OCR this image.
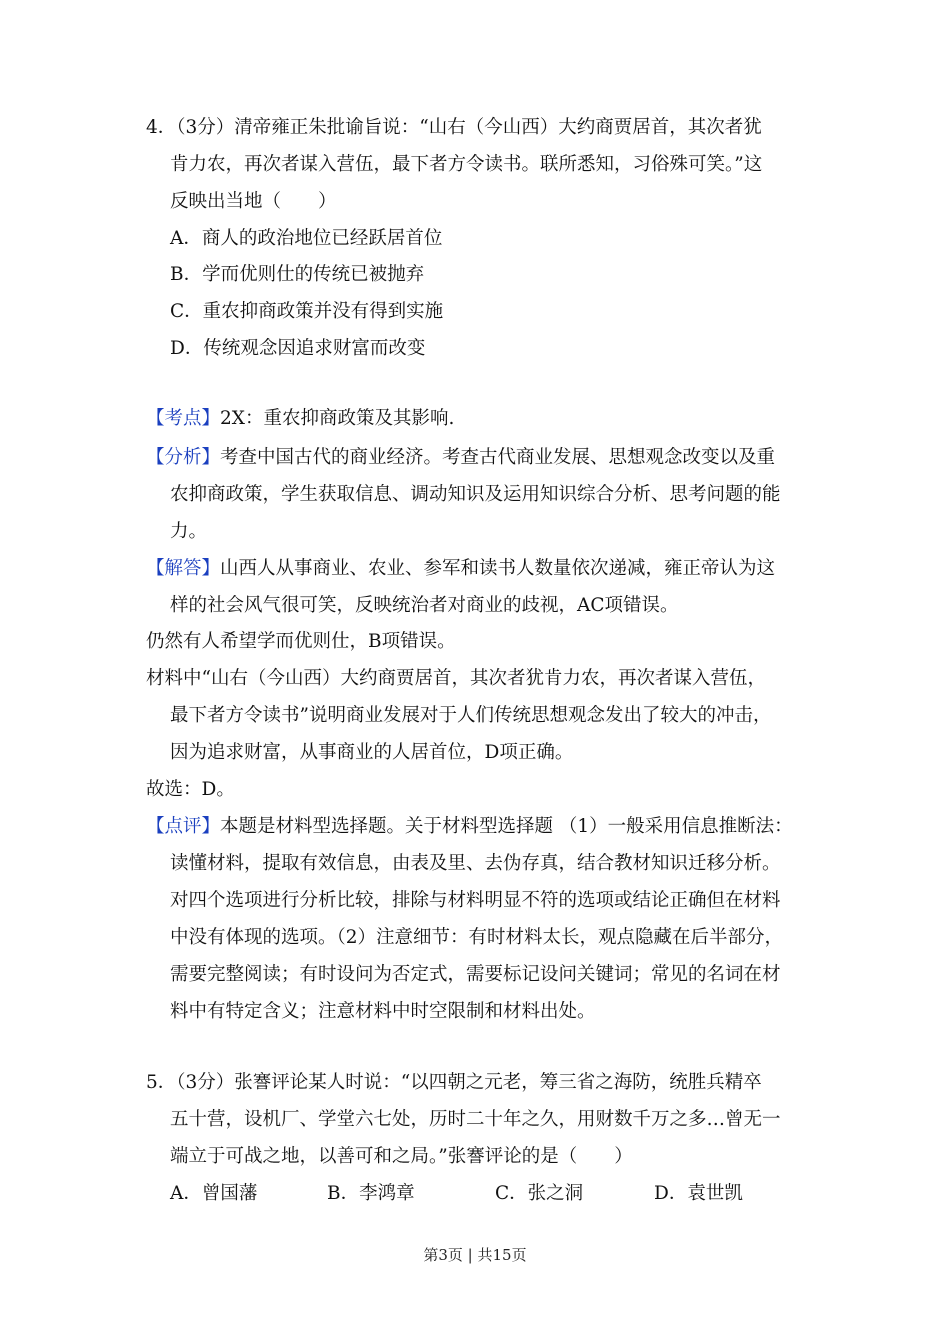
4．（3分）清帝雍正朱批谕旨说：“山右（今山西）大约商贾居首，其次者犹
肯力农，再次者谋入营伍，最下者方令读书。联所悉知，习俗殊可笑。”这
反映出当地（　　）
A．商人的政治地位已经跃居首位
B．学而优则仕的传统已被抛弃
C．重农抑商政策并没有得到实施
D．传统观念因追求财富而改变
【考点】2X：重农抑商政策及其影响.
【分析】考查中国古代的商业经济。考查古代商业发展、思想观念改变以及重
农抑商政策，学生获取信息、调动知识及运用知识综合分析、思考问题的能
力。
【解答】山西人从事商业、农业、参军和读书人数量依次递减，雍正帝认为这
样的社会风气很可笑，反映统治者对商业的歧视，AC项错误。
仍然有人希望学而优则仕，B项错误。
材料中“山右（今山西）大约商贾居首，其次者犹肯力农，再次者谋入营伍，
最下者方令读书”说明商业发展对于人们传统思想观念发出了较大的冲击，
因为追求财富，从事商业的人居首位，D项正确。
故选：D。
【点评】本题是材料型选择题。关于材料型选择题 （1）一般采用信息推断法：
读懂材料，提取有效信息，由表及里、去伪存真，结合教材知识迁移分析。
对四个选项进行分析比较，排除与材料明显不符的选项或结论正确但在材料
中没有体现的选项。（2）注意细节：有时材料太长，观点隐藏在后半部分，
需要完整阅读；有时设问为否定式，需要标记设问关键词；常见的名词在材
料中有特定含义；注意材料中时空限制和材料出处。
5．（3分）张謇评论某人时说：“以四朝之元老，筹三省之海防，统胜兵精卒
五十营，设机厂、学堂六七处，历时二十年之久，用财数千万之多…曾无一
端立于可战之地，以善可和之局。”张謇评论的是（　　）

A．曾国藩

	B．李鸿章

	C．张之洞

	D．袁世凯

第3页 | 共15页
